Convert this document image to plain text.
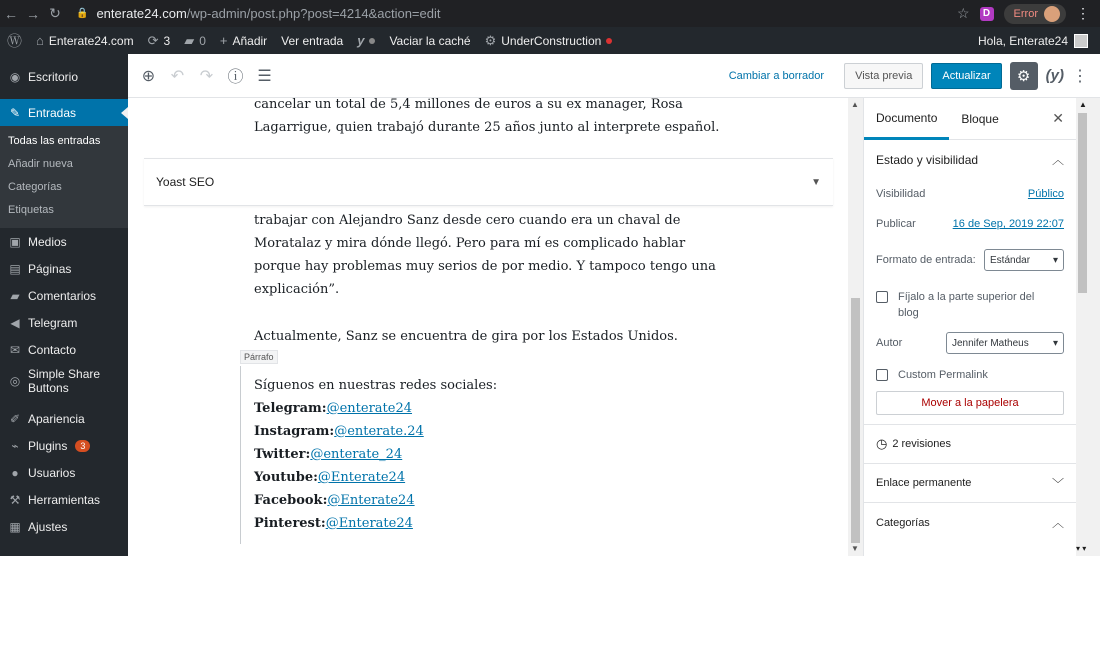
← → ↻	🔒 enterate24.com/wp-admin/post.php?post=4214&action=edit	☆	D	Error	⋮
Ⓦ ⌂ Enterate24.com ⟳ 3 ▰ 0 + Añadir Ver entrada y Vaciar la caché ⚙ UnderConstruction	Hola, Enterate24
◉ Escritorio
✎ Entradas
Todas las entradas
Añadir nueva
Categorías
Etiquetas
▣ Medios
▤ Páginas
▰ Comentarios
◀ Telegram
✉ Contacto
◎ Simple Share Buttons
✐ Apariencia
⌁ Plugins	3
● Usuarios
⚒ Herramientas
▦ Ajustes
⊕ ↶ ↷ ⓘ ☰	Cambiar a borrador	Vista previa	Actualizar	⚙	(y) ⋮
cancelar un total de 5,4 millones de euros a su ex manager, Rosa Lagarrigue, quien trabajó durante 25 años junto al interprete español.
Yoast SEO	▼
trabajar con Alejandro Sanz desde cero cuando era un chaval de Moratalaz y mira dónde llegó. Pero para mí es complicado hablar porque hay problemas muy serios de por medio. Y tampoco tengo una explicación”.
Actualmente, Sanz se encuentra de gira por los Estados Unidos.
Párrafo
Síguenos en nuestras redes sociales:
Telegram:@enterate24
Instagram:@enterate.24
Twitter:@enterate_24
Youtube:@Enterate24
Facebook:@Enterate24
Pinterest:@Enterate24
▲
▼
Documento	Bloque	✕
Estado y visibilidad	︿
Visibilidad	Público
Publicar	16 de Sep, 2019 22:07
Formato de entrada: Estándar ▾
Fíjalo a la parte superior del blog
Autor	Jennifer Matheus ▾
Custom Permalink
Mover a la papelera
◷ 2 revisiones
Enlace permanente	﹀
Categorías	︿
▲
▾ ▾
